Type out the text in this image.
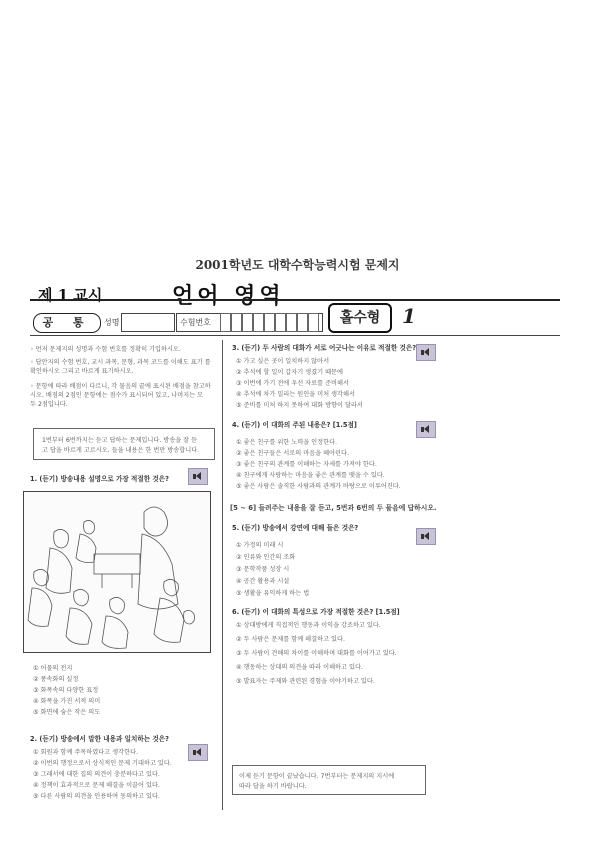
2001학년도 대학수학능력시험 문제지
제 1 교시	언어 영역
홀수형	1
공 통	성명	수험번호
◦ 먼저 문제지의 성명과 수험 번호를 정확히 기입하시오.
◦ 답안지의 수험 번호, 교시 과목, 문형, 과목 코드를 이해도 표기 를
확인하시오 그리고 바르게 표기하시오.
◦ 문항에 따라 배점이 다르니, 각 물음의 끝에 표시된 배점을 참고하
시오. 배점의 2점인 문항에는 점수가 표시되어 있고, 나머지는 모
두 2점입니다.
1번부터 6번까지는 듣고 답하는 문제입니다. 방송을 잘 듣
고 답을 바르게 고르시오. 들을 내용은 한 번만 방송합니다.
1. (듣기) 방송내용 설명으로 가장 적절한 것은?
① 어물의 전지
② 풍속화의 실정
③ 화폭속의 다양한 표정
④ 화폭을 가진 서적 의미
⑤ 화면에 숨은 작은 의도
2. (듣기) 방송에서 말한 내용과 일치하는 것은?
① 회원과 함께 주목하였다고 생각한다.
② 이번의 행정으로서 상식적인 문제 기대하고 있다.
③ 그래서에 대한 집의 의견이 충분하다고 있다.
④ 정책이 효과적으로 문제 해결을 이끌어 있다.
⑤ 다른 사람의 의견을 인용하여 동의하고 있다.
3. (듣기) 두 사람의 대화가 서로 어긋나는 이유로 적절한 것은?
① 가고 싶은 곳이 일치하지 않아서
② 추석에 할 일이 갑자기 생겼기 때문에
③ 이번에 가기 전에 우선 자료를 준비해서
④ 추석에 차가 밀리는 원인을 미처 생각해서
⑤ 준비를 미처 하지 못하여 대화 방향이 달라서
4. (듣기) 이 대화의 주된 내용은? [1.5점]
① 좋은 친구를 위한 노력을 인정한다.
② 좋은 친구들은 서로의 마음을 헤아린다.
③ 좋은 친구의 관계를 이해하는 자세를 가져야 한다.
④ 친구에게 사랑하는 마음을 좋은 관계를 맺을 수 있다.
⑤ 좋은 사람은 솔직한 사람과의 관계가 바탕으로 이루어진다.
[5 ~ 6] 들려주는 내용을 잘 듣고, 5번과 6번의 두 물음에 답하시오.
5. (듣기) 방송에서 강연에 대해 들은 것은?
① 가정의 미래 시
② 인류와 인간의 조화
③ 문학작품 성장 시
④ 공간 활용과 시설
⑤ 생활을 유익하게 하는 법
6. (듣기) 이 대화의 특성으로 가장 적절한 것은? [1.5점]
① 상대방에게 직접적인 행동과 이익을 강조하고 있다.
② 두 사람은 문제를 함께 해결하고 있다.
③ 두 사람이 견해의 차이를 이해하며 대화를 이어가고 있다.
④ 행동하는 상대의 의견을 따라 이해하고 있다.
⑤ 발표자는 주제와 관련된 경험을 이야기하고 있다.
이제 듣기 문항이 끝났습니다. 7번부터는 문제지의 지시에
따라 답을 하기 바랍니다.
